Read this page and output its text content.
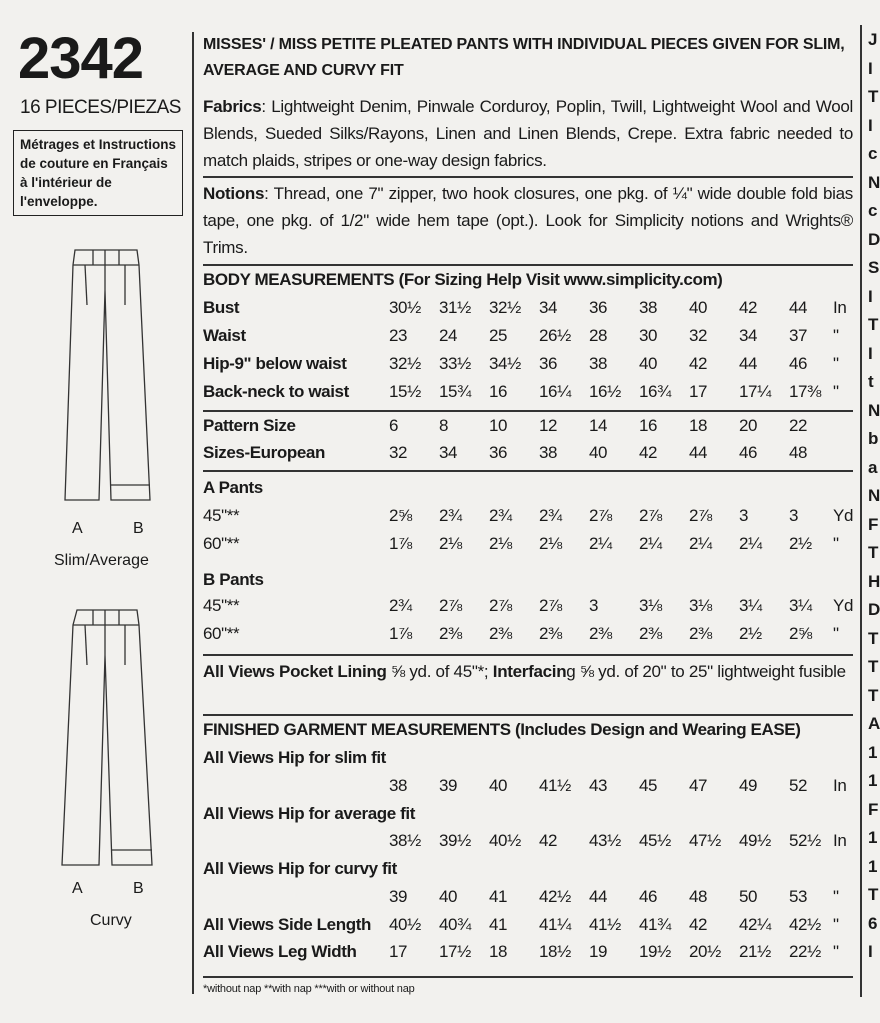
2342
16 PIECES/PIEZAS
Métrages et Instructions
de couture en Français
à l'intérieur de
l'enveloppe.
A	B
Slim/Average
A	B
Curvy
MISSES' / MISS PETITE PLEATED PANTS WITH INDIVIDUAL PIECES GIVEN FOR SLIM,
AVERAGE AND CURVY FIT
Fabrics: Lightweight Denim, Pinwale Corduroy, Poplin, Twill, Lightweight Wool and Wool Blends, Sueded Silks/Rayons, Linen and Linen Blends, Crepe. Extra fabric needed to match plaids, stripes or one-way design fabrics.
Notions: Thread, one 7" zipper, two hook closures, one pkg. of ¼" wide double fold bias tape, one pkg. of 1/2" wide hem tape (opt.). Look for Simplicity notions and Wrights® Trims.
BODY MEASUREMENTS (For Sizing Help Visit www.simplicity.com)
Bust	30½ 31½ 32½ 34 36 38 40 42 44 In
Waist	23 24 25 26½ 28 30 32 34 37 "
Hip-9" below waist	32½ 33½ 34½ 36 38 40 42 44 46 "
Back-neck to waist 15½ 15¾ 16 16¼ 16½ 16¾ 17 17¼ 17⅜ "
Pattern Size	6 8 10 12 14 16 18 20 22
Sizes-European	32 34 36 38 40 42 44 46 48
A Pants
45"**	2⅝ 2¾ 2¾ 2¾ 2⅞ 2⅞ 2⅞ 3 3 Yd
60"**	1⅞ 2⅛ 2⅛ 2⅛ 2¼ 2¼ 2¼ 2¼ 2½ "
B Pants
45"**	2¾ 2⅞ 2⅞ 2⅞ 3 3⅛ 3⅛ 3¼ 3¼ Yd
60"**	1⅞ 2⅜ 2⅜ 2⅜ 2⅜ 2⅜ 2⅜ 2½ 2⅝ "
All Views Pocket Lining ⅝ yd. of 45"*; Interfacing ⅝ yd. of 20" to 25" lightweight fusible
FINISHED GARMENT MEASUREMENTS (Includes Design and Wearing EASE)
All Views Hip for slim fit
38 39 40 41½ 43 45 47 49 52 In
All Views Hip for average fit
38½ 39½ 40½ 42 43½ 45½ 47½ 49½ 52½ In
All Views Hip for curvy fit
39 40 41 42½ 44 46 48 50 53 "
All Views Side Length 40½ 40¾ 41 41¼ 41½ 41¾ 42 42¼ 42½ "
All Views Leg Width 17 17½ 18 18½ 19 19½ 20½ 21½ 22½ "
*without nap **with nap ***with or without nap
J
I
T
I
c
N
c
D
S
I
T
I
t
N
b
a
N
F
T
H
D
T
T
T
A
1
1
F
1
1
T
6
I
